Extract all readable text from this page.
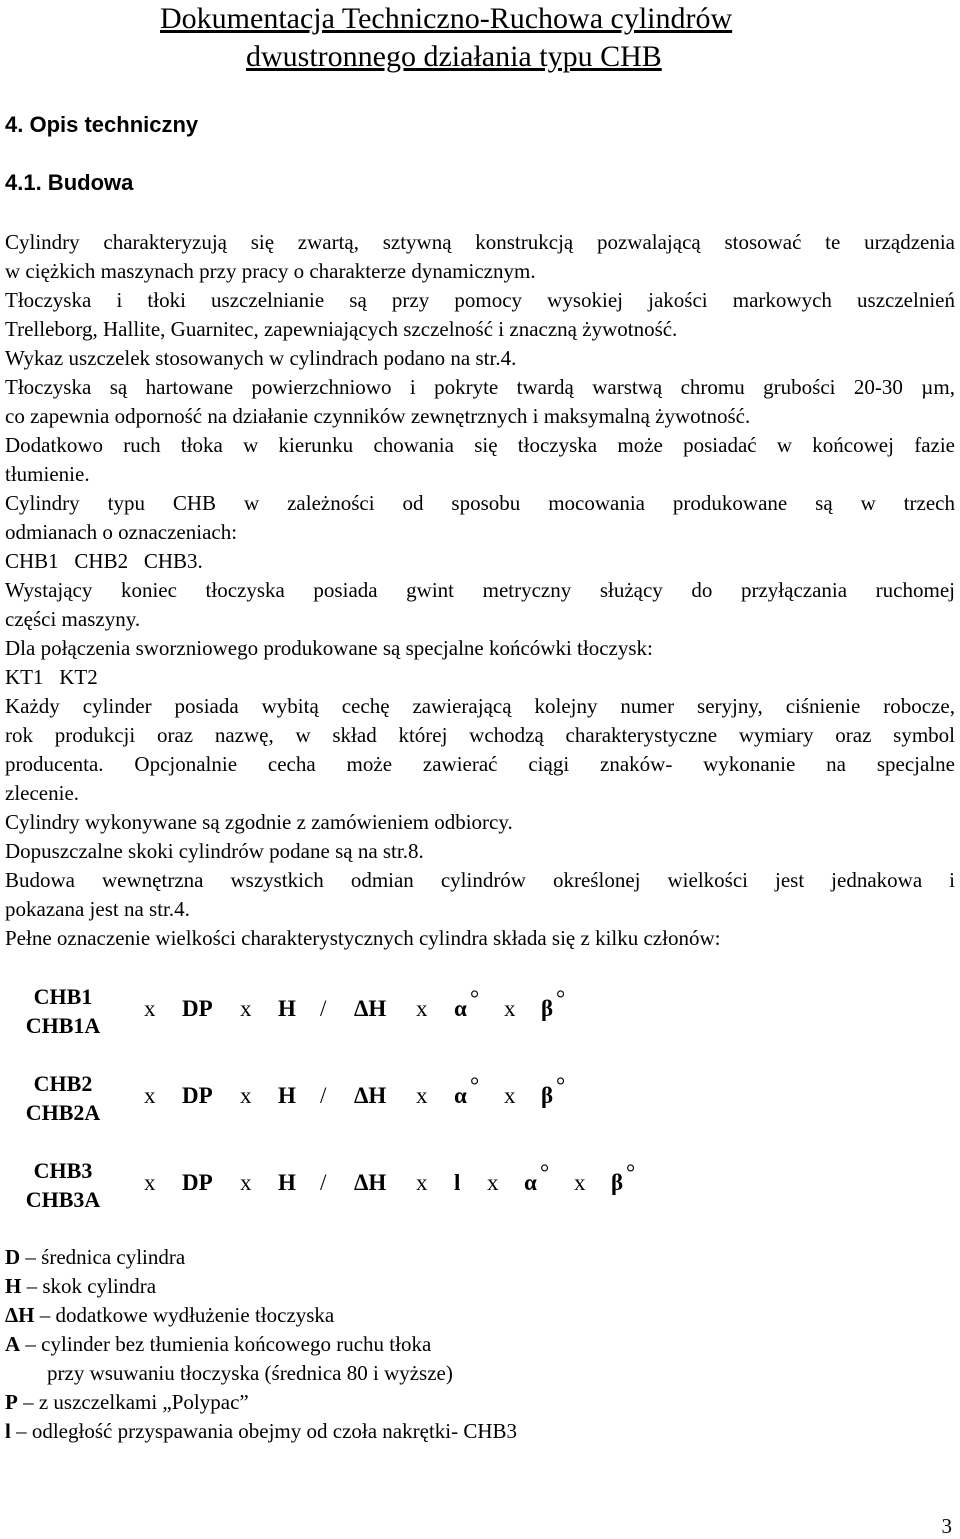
Dokumentacja Techniczno-Ruchowa cylindrów
dwustronnego działania typu CHB
4. Opis techniczny
4.1. Budowa
Cylindry charakteryzują się zwartą, sztywną konstrukcją pozwalającą stosować te urządzenia
w ciężkich maszynach przy pracy o charakterze dynamicznym.
Tłoczyska i tłoki uszczelnianie są przy pomocy wysokiej jakości markowych uszczelnień
Trelleborg, Hallite, Guarnitec, zapewniających szczelność i znaczną żywotność.
Wykaz uszczelek stosowanych w cylindrach podano na str.4.
Tłoczyska są hartowane powierzchniowo i pokryte twardą warstwą chromu grubości 20-30 µm,
co zapewnia odporność na działanie czynników zewnętrznych i maksymalną żywotność.
Dodatkowo ruch tłoka w kierunku chowania się tłoczyska może posiadać w końcowej fazie
tłumienie.
Cylindry typu CHB w zależności od sposobu mocowania produkowane są w trzech
odmianach o oznaczeniach:
CHB1   CHB2   CHB3.
Wystający koniec tłoczyska posiada gwint metryczny służący do przyłączania ruchomej
części maszyny.
Dla połączenia sworzniowego produkowane są specjalne końcówki tłoczysk:
KT1   KT2
Każdy cylinder posiada wybitą cechę zawierającą kolejny numer seryjny, ciśnienie robocze,
rok produkcji oraz nazwę, w skład której wchodzą charakterystyczne wymiary oraz symbol
producenta. Opcjonalnie cecha może zawierać ciągi znaków- wykonanie na specjalne
zlecenie.
Cylindry wykonywane są zgodnie z zamówieniem odbiorcy.
Dopuszczalne skoki cylindrów podane są na str.8.
Budowa wewnętrzna wszystkich odmian cylindrów określonej wielkości jest jednakowa i
pokazana jest na str.4.
Pełne oznaczenie wielkości charakterystycznych cylindra składa się z kilku członów:
CHB1
CHB1A
x DP x H / ΔH x α ° x β °
CHB2
CHB2A
x DP x H / ΔH x α ° x β °
CHB3
CHB3A
x DP x H / ΔH x l x α ° x β °
D – średnica cylindra
H – skok cylindra
ΔH – dodatkowe wydłużenie tłoczyska
A – cylinder bez tłumienia końcowego ruchu tłoka
przy wsuwaniu tłoczyska (średnica 80 i wyższe)
P – z uszczelkami „Polypac”
l – odległość przyspawania obejmy od czoła nakrętki- CHB3
3
